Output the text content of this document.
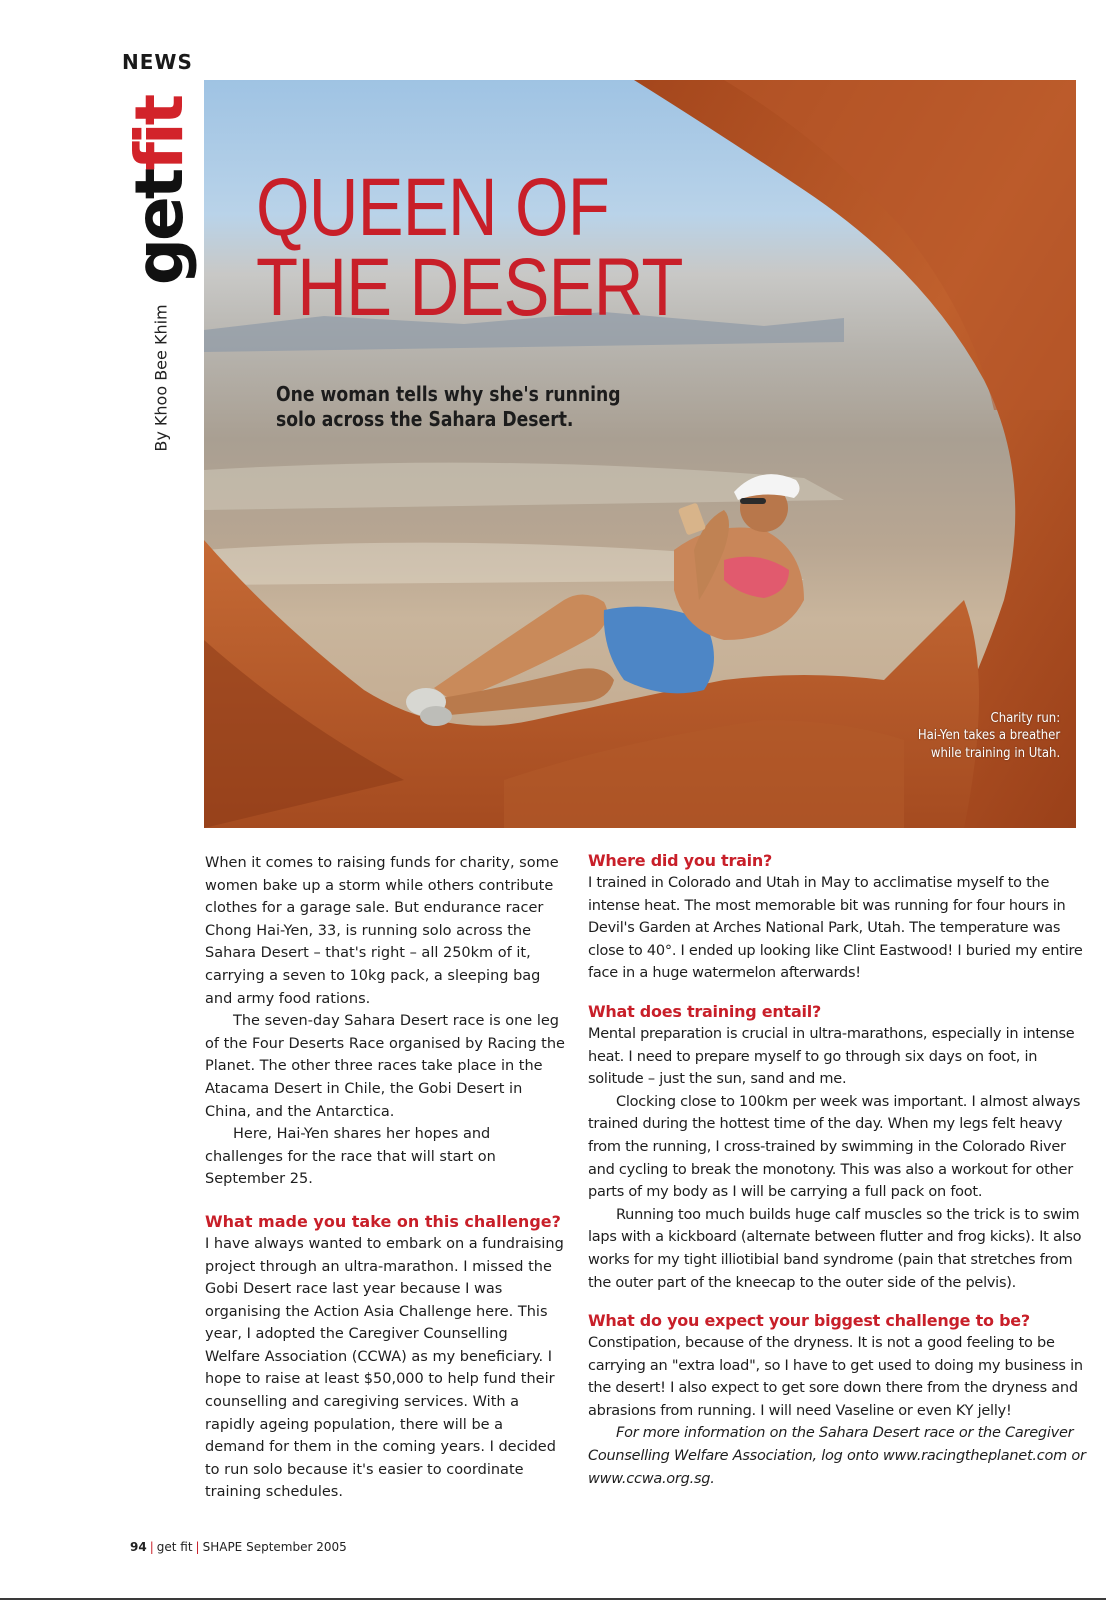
NEWS
getfit
By Khoo Bee Khim
QUEEN OF
THE DESERT
One woman tells why she's running
solo across the Sahara Desert.
Charity run:
Hai-Yen takes a breather
while training in Utah.

When it comes to raising funds for charity, some women bake up a storm while others contribute clothes for a garage sale. But endurance racer Chong Hai-Yen, 33, is running solo across the Sahara Desert – that's right – all 250km of it, carrying a seven to 10kg pack, a sleeping bag and army food rations.

The seven-day Sahara Desert race is one leg of the Four Deserts Race organised by Racing the Planet. The other three races take place in the Atacama Desert in Chile, the Gobi Desert in China, and the Antarctica.

Here, Hai-Yen shares her hopes and challenges for the race that will start on September 25.

What made you take on this challenge?

I have always wanted to embark on a fundraising project through an ultra-marathon. I missed the Gobi Desert race last year because I was organising the Action Asia Challenge here. This year, I adopted the Caregiver Counselling Welfare Association (CCWA) as my beneficiary. I hope to raise at least $50,000 to help fund their counselling and caregiving services. With a rapidly ageing population, there will be a demand for them in the coming years. I decided to run solo because it's easier to coordinate training schedules.

Where did you train?

I trained in Colorado and Utah in May to acclimatise myself to the intense heat. The most memorable bit was running for four hours in Devil's Garden at Arches National Park, Utah. The temperature was close to 40°. I ended up looking like Clint Eastwood! I buried my entire face in a huge watermelon afterwards!

What does training entail?

Mental preparation is crucial in ultra-marathons, especially in intense heat. I need to prepare myself to go through six days on foot, in solitude – just the sun, sand and me.

Clocking close to 100km per week was important. I almost always trained during the hottest time of the day. When my legs felt heavy from the running, I cross-trained by swimming in the Colorado River and cycling to break the monotony. This was also a workout for other parts of my body as I will be carrying a full pack on foot.

Running too much builds huge calf muscles so the trick is to swim laps with a kickboard (alternate between flutter and frog kicks). It also works for my tight illiotibial band syndrome (pain that stretches from the outer part of the kneecap to the outer side of the pelvis).

What do you expect your biggest challenge to be?

Constipation, because of the dryness. It is not a good feeling to be carrying an "extra load", so I have to get used to doing my business in the desert! I also expect to get sore down there from the dryness and abrasions from running. I will need Vaseline or even KY jelly!

For more information on the Sahara Desert race or the Caregiver Counselling Welfare Association, log onto www.racingtheplanet.com or www.ccwa.org.sg.

94 | get fit | SHAPE September 2005
